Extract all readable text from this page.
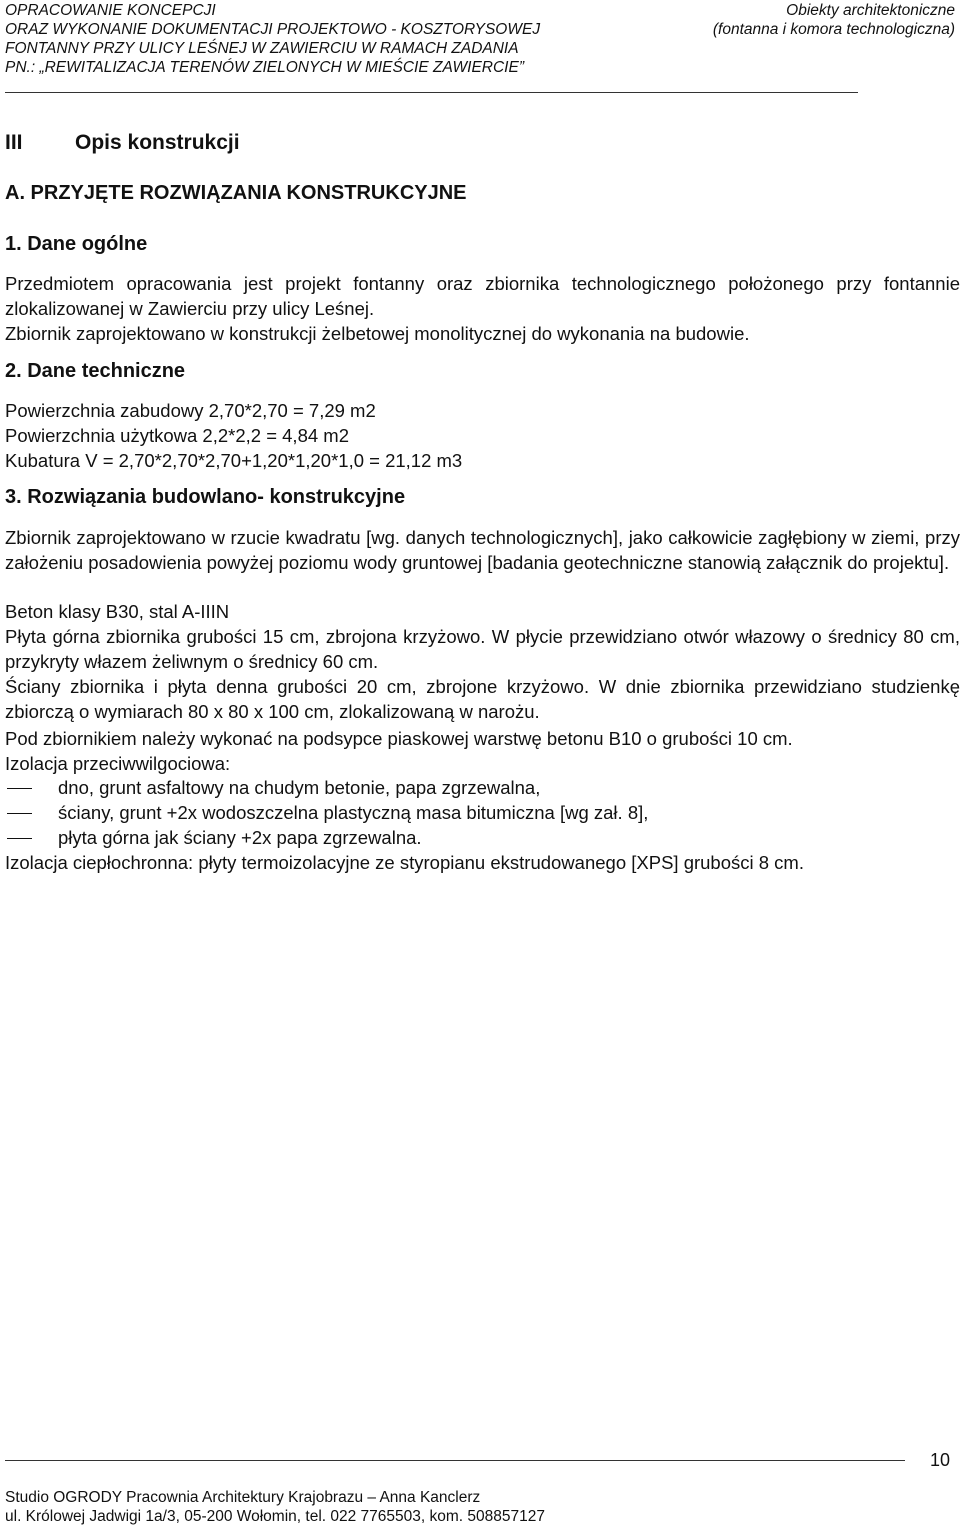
OPRACOWANIE KONCEPCJI
ORAZ WYKONANIE DOKUMENTACJI PROJEKTOWO - KOSZTORYSOWEJ
FONTANNY PRZY ULICY LEŚNEJ W ZAWIERCIU W RAMACH ZADANIA
PN.: „REWITALIZACJA TERENÓW ZIELONYCH W MIEŚCIE ZAWIERCIE”
Obiekty architektoniczne
(fontanna i komora technologiczna)
III Opis konstrukcji
A. PRZYJĘTE ROZWIĄZANIA KONSTRUKCYJNE
1. Dane ogólne
Przedmiotem opracowania jest projekt fontanny oraz zbiornika technologicznego położonego przy fontannie zlokalizowanej w Zawierciu przy ulicy Leśnej.
Zbiornik zaprojektowano w konstrukcji żelbetowej monolitycznej do wykonania na budowie.
2. Dane techniczne
Powierzchnia zabudowy 2,70*2,70 = 7,29 m2
Powierzchnia użytkowa 2,2*2,2 = 4,84 m2
Kubatura V = 2,70*2,70*2,70+1,20*1,20*1,0 = 21,12 m3
3. Rozwiązania budowlano- konstrukcyjne
Zbiornik zaprojektowano w rzucie kwadratu [wg. danych technologicznych], jako całkowicie zagłębiony w ziemi, przy założeniu posadowienia powyżej poziomu wody gruntowej [badania geotechniczne stanowią załącznik do projektu].
Beton klasy B30, stal A-IIIN
Płyta górna zbiornika grubości 15 cm, zbrojona krzyżowo. W płycie przewidziano otwór włazowy o średnicy 80 cm, przykryty włazem żeliwnym o średnicy 60 cm.
Ściany zbiornika i płyta denna grubości 20 cm, zbrojone krzyżowo. W dnie zbiornika przewidziano studzienkę zbiorczą o wymiarach 80 x 80 x 100 cm, zlokalizowaną w narożu.
Pod zbiornikiem należy wykonać na podsypce piaskowej warstwę betonu B10 o grubości 10 cm.
Izolacja przeciwwilgociowa:
dno, grunt asfaltowy na chudym betonie, papa zgrzewalna,
ściany, grunt +2x wodoszczelna plastyczną masa bitumiczna [wg zał. 8],
płyta górna jak ściany +2x papa zgrzewalna.
Izolacja ciepłochronna: płyty termoizolacyjne ze styropianu ekstrudowanego [XPS] grubości 8 cm.
10
Studio OGRODY Pracownia Architektury Krajobrazu – Anna Kanclerz
ul. Królowej Jadwigi 1a/3, 05-200 Wołomin, tel. 022 7765503, kom. 508857127
